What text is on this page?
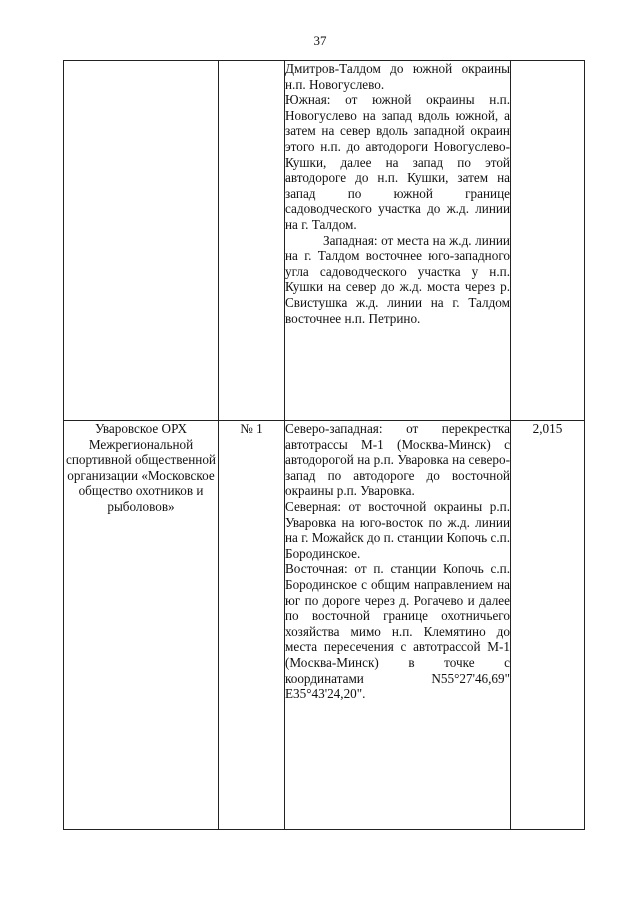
37

		Дмитров-Талдом до южной окраины н.п. Новогуслево.

Южная: от южной окраины н.п. Новогуслево на запад вдоль южной, а затем на север вдоль западной окраин этого н.п. до автодороги Новогуслево-Кушки, далее на запад по этой автодороге до н.п. Кушки, затем на запад по южной границе садоводческого участка до ж.д. линии на г. Талдом.

Западная: от места на ж.д. линии на г. Талдом восточнее юго-западного угла садоводческого участка у н.п. Кушки на север до ж.д. моста через р. Свистушка ж.д. линии на г. Талдом восточнее н.п. Петрино.	

Уваровское ОРХ Межрегиональной спортивной общественной организации «Московское общество охотников и рыболовов»	№ 1	Северо-западная: от перекрестка автотрассы М-1 (Москва-Минск) с автодорогой на р.п. Уваровка на северо-запад по автодороге до восточной окраины р.п. Уваровка.

Северная: от восточной окраины р.п. Уваровка на юго-восток по ж.д. линии на г. Можайск до п. станции Копочь с.п. Бородинское.

Восточная: от п. станции Копочь с.п. Бородинское с общим направлением на юг по дороге через д. Рогачево и далее по восточной границе охотничьего хозяйства мимо н.п. Клемятино до места пересечения с автотрассой М-1 (Москва-Минск) в точке с координатами N55°27'46,69" E35°43'24,20".	2,015
